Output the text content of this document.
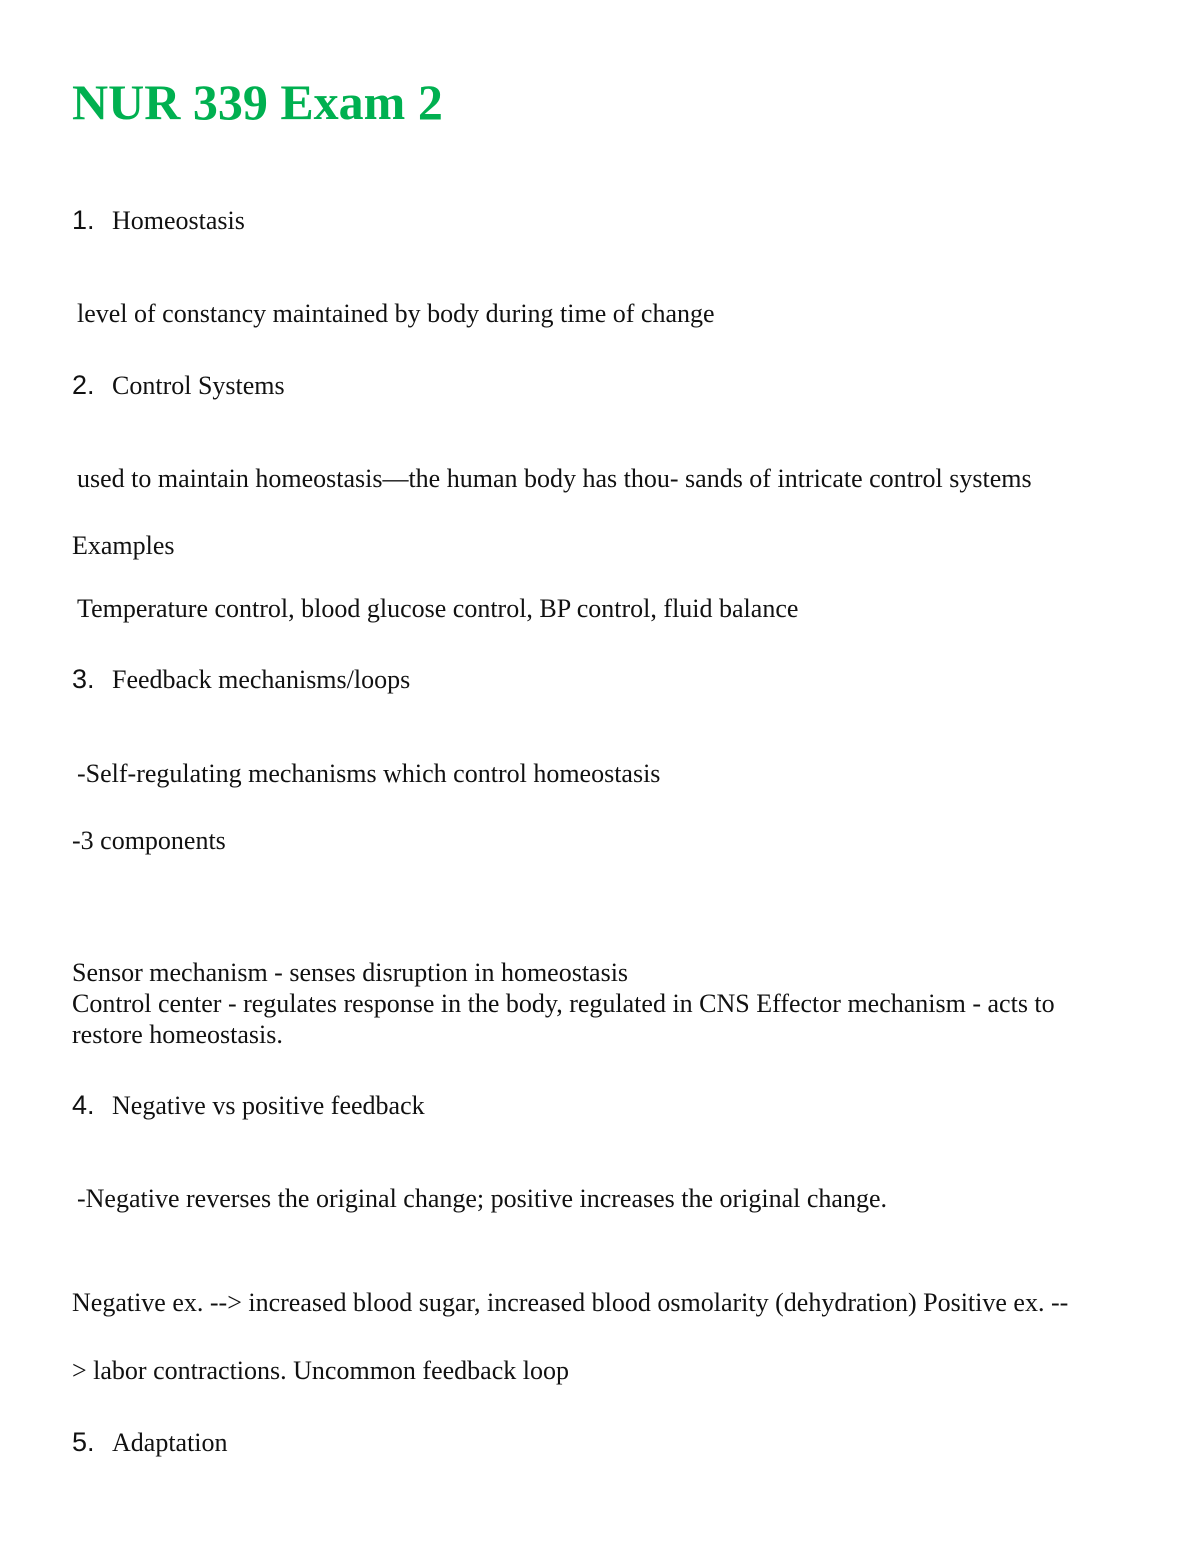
NUR 339 Exam 2
1. Homeostasis
level of constancy maintained by body during time of change
2. Control Systems
used to maintain homeostasis—the human body has thou- sands of intricate control systems
Examples
Temperature control, blood glucose control, BP control, fluid balance
3. Feedback mechanisms/loops
-Self-regulating mechanisms which control homeostasis
-3 components
Sensor mechanism - senses disruption in homeostasis
Control center - regulates response in the body, regulated in CNS Effector mechanism - acts to
restore homeostasis.
4. Negative vs positive feedback
-Negative reverses the original change; positive increases the original change.
Negative ex. --> increased blood sugar, increased blood osmolarity (dehydration) Positive ex. --
> labor contractions. Uncommon feedback loop
5. Adaptation
